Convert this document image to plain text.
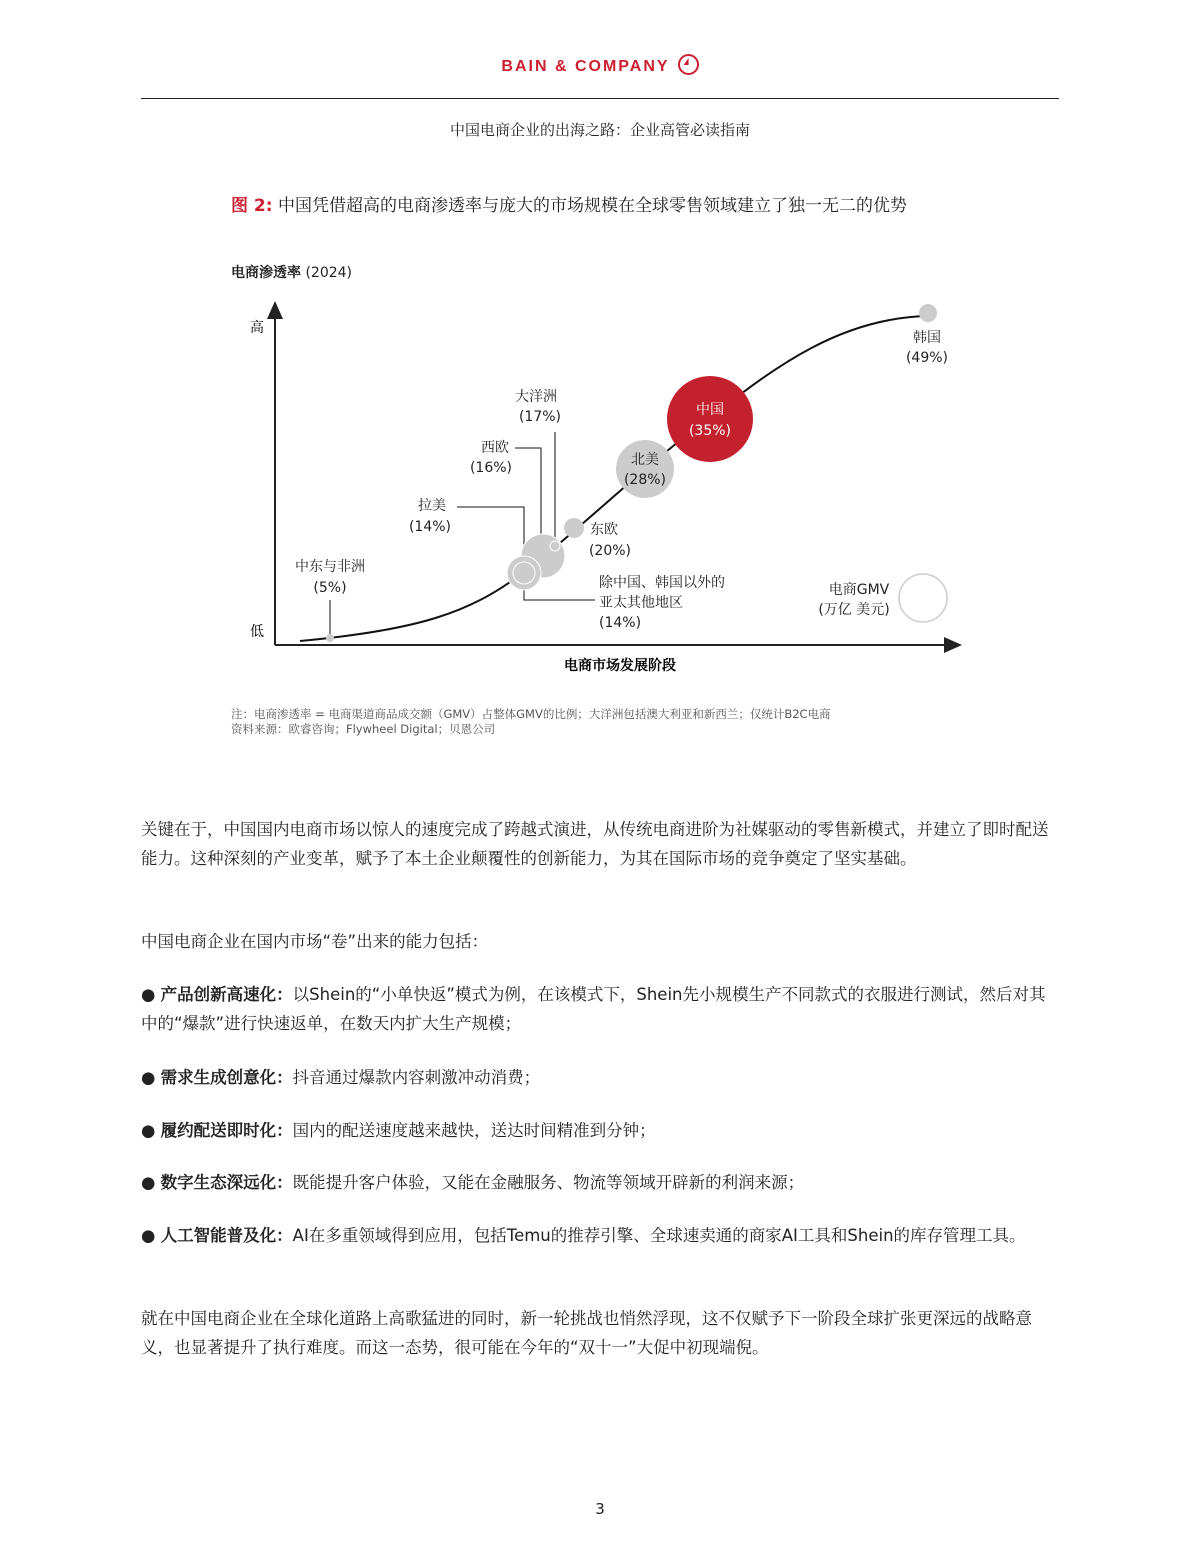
BAIN & COMPANY
中国电商企业的出海之路：企业高管必读指南
图 2: 中国凭借超高的电商渗透率与庞大的市场规模在全球零售领域建立了独一无二的优势
电商渗透率 (2024)
高
低
电商市场发展阶段
中东与非洲
(5%)
拉美
(14%)
西欧
(16%)
大洋洲
(17%)
东欧
(20%)
北美
(28%)
中国
(35%)
韩国
(49%)
除中国、韩国以外的
亚太其他地区
(14%)
电商GMV
(万亿 美元)
注：电商渗透率 = 电商渠道商品成交额（GMV）占整体GMV的比例；大洋洲包括澳大利亚和新西兰；仅统计B2C电商
资料来源：欧睿咨询；Flywheel Digital；贝恩公司
关键在于，中国国内电商市场以惊人的速度完成了跨越式演进，从传统电商进阶为社媒驱动的零售新模式，并建立了即时配送能力。这种深刻的产业变革，赋予了本土企业颠覆性的创新能力，为其在国际市场的竞争奠定了坚实基础。
中国电商企业在国内市场“卷”出来的能力包括：
● 产品创新高速化：以Shein的“小单快返”模式为例，在该模式下，Shein先小规模生产不同款式的衣服进行测试，然后对其中的“爆款”进行快速返单，在数天内扩大生产规模；
● 需求生成创意化：抖音通过爆款内容刺激冲动消费；
● 履约配送即时化：国内的配送速度越来越快，送达时间精准到分钟；
● 数字生态深远化：既能提升客户体验，又能在金融服务、物流等领域开辟新的利润来源；
● 人工智能普及化：AI在多重领域得到应用，包括Temu的推荐引擎、全球速卖通的商家AI工具和Shein的库存管理工具。
就在中国电商企业在全球化道路上高歌猛进的同时，新一轮挑战也悄然浮现，这不仅赋予下一阶段全球扩张更深远的战略意义，也显著提升了执行难度。而这一态势，很可能在今年的“双十一”大促中初现端倪。
3
